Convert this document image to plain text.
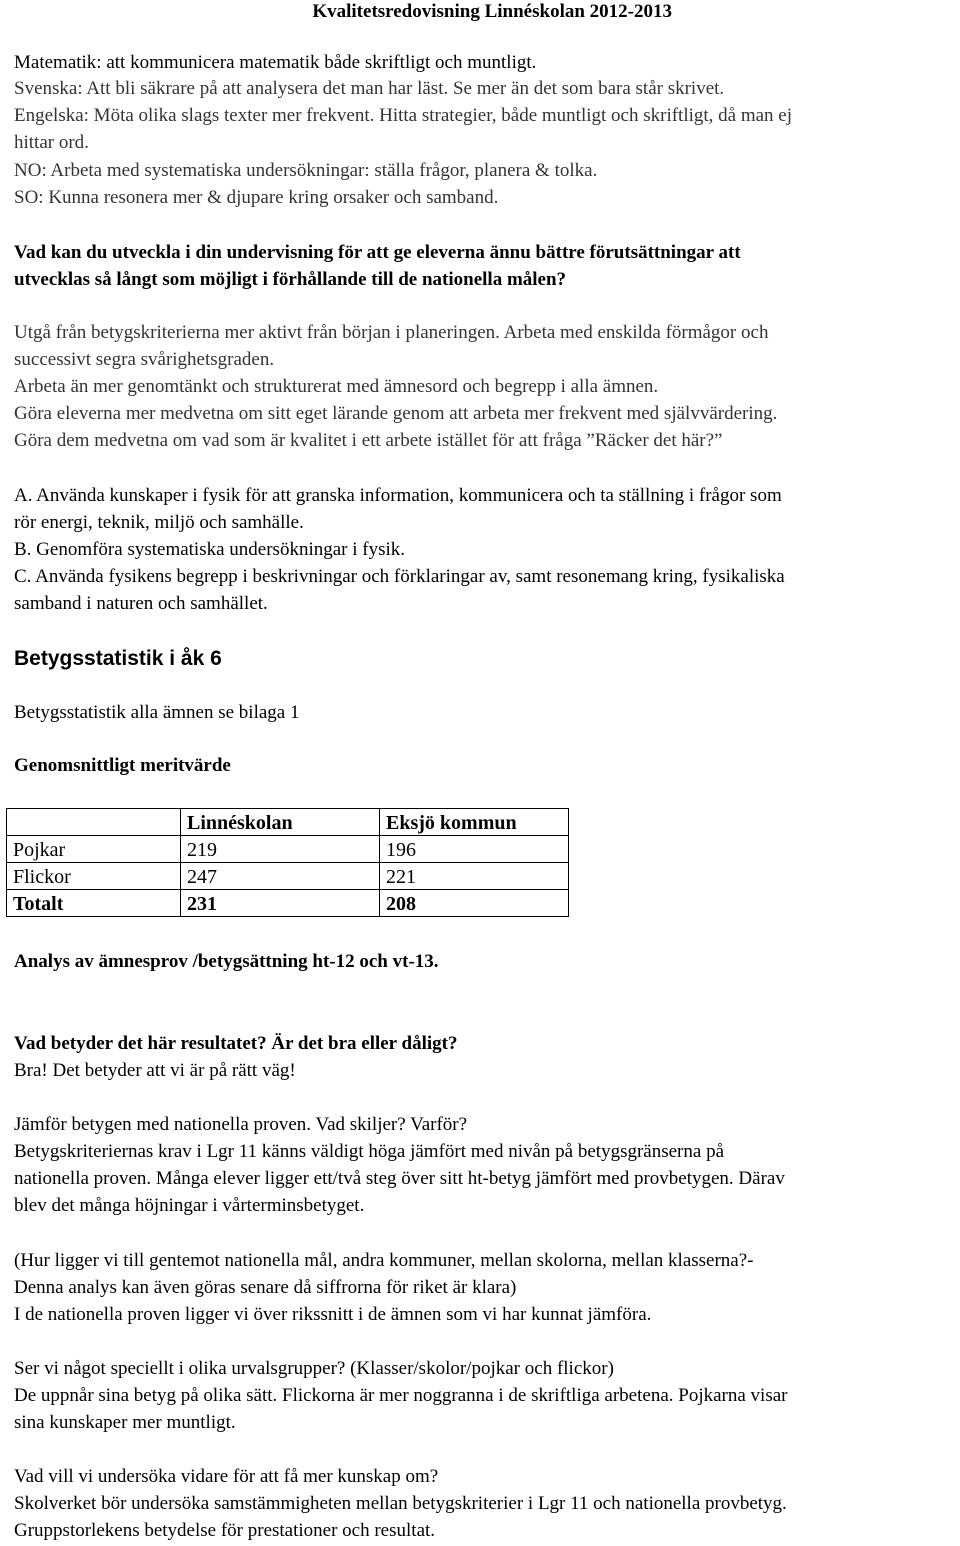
Kvalitetsredovisning Linnéskolan 2012-2013
Matematik: att kommunicera matematik både skriftligt och muntligt.
Svenska: Att bli säkrare på att analysera det man har läst. Se mer än det som bara står skrivet.
Engelska: Möta olika slags texter mer frekvent. Hitta strategier, både muntligt och skriftligt, då man ej
hittar ord.
NO: Arbeta med systematiska undersökningar: ställa frågor, planera & tolka.
SO: Kunna resonera mer & djupare kring orsaker och samband.
Vad kan du utveckla i din undervisning för att ge eleverna ännu bättre förutsättningar att
utvecklas så långt som möjligt i förhållande till de nationella målen?
Utgå från betygskriterierna mer aktivt från början i planeringen. Arbeta med enskilda förmågor och
successivt segra svårighetsgraden.
Arbeta än mer genomtänkt och strukturerat med ämnesord och begrepp i alla ämnen.
Göra eleverna mer medvetna om sitt eget lärande genom att arbeta mer frekvent med självvärdering.
Göra dem medvetna om vad som är kvalitet i ett arbete istället för att fråga ”Räcker det här?”
A. Använda kunskaper i fysik för att granska information, kommunicera och ta ställning i frågor som
rör energi, teknik, miljö och samhälle.
B. Genomföra systematiska undersökningar i fysik.
C. Använda fysikens begrepp i beskrivningar och förklaringar av, samt resonemang kring, fysikaliska
samband i naturen och samhället.
Betygsstatistik i åk 6
Betygsstatistik alla ämnen se bilaga 1
Genomsnittligt meritvärde
	Linnéskolan	Eksjö kommun
Pojkar	219	196
Flickor	247	221
Totalt	231	208
Analys av ämnesprov /betygsättning ht-12 och vt-13.
Vad betyder det här resultatet? Är det bra eller dåligt?
Bra! Det betyder att vi är på rätt väg!
Jämför betygen med nationella proven. Vad skiljer? Varför?
Betygskriteriernas krav i Lgr 11 känns väldigt höga jämfört med nivån på betygsgränserna på
nationella proven. Många elever ligger ett/två steg över sitt ht-betyg jämfört med provbetygen. Därav
blev det många höjningar i vårterminsbetyget.
(Hur ligger vi till gentemot nationella mål, andra kommuner, mellan skolorna, mellan klasserna?-
Denna analys kan även göras senare då siffrorna för riket är klara)
I de nationella proven ligger vi över rikssnitt i de ämnen som vi har kunnat jämföra.
Ser vi något speciellt i olika urvalsgrupper? (Klasser/skolor/pojkar och flickor)
De uppnår sina betyg på olika sätt. Flickorna är mer noggranna i de skriftliga arbetena. Pojkarna visar
sina kunskaper mer muntligt.
Vad vill vi undersöka vidare för att få mer kunskap om?
Skolverket bör undersöka samstämmigheten mellan betygskriterier i Lgr 11 och nationella provbetyg.
Gruppstorlekens betydelse för prestationer och resultat.
